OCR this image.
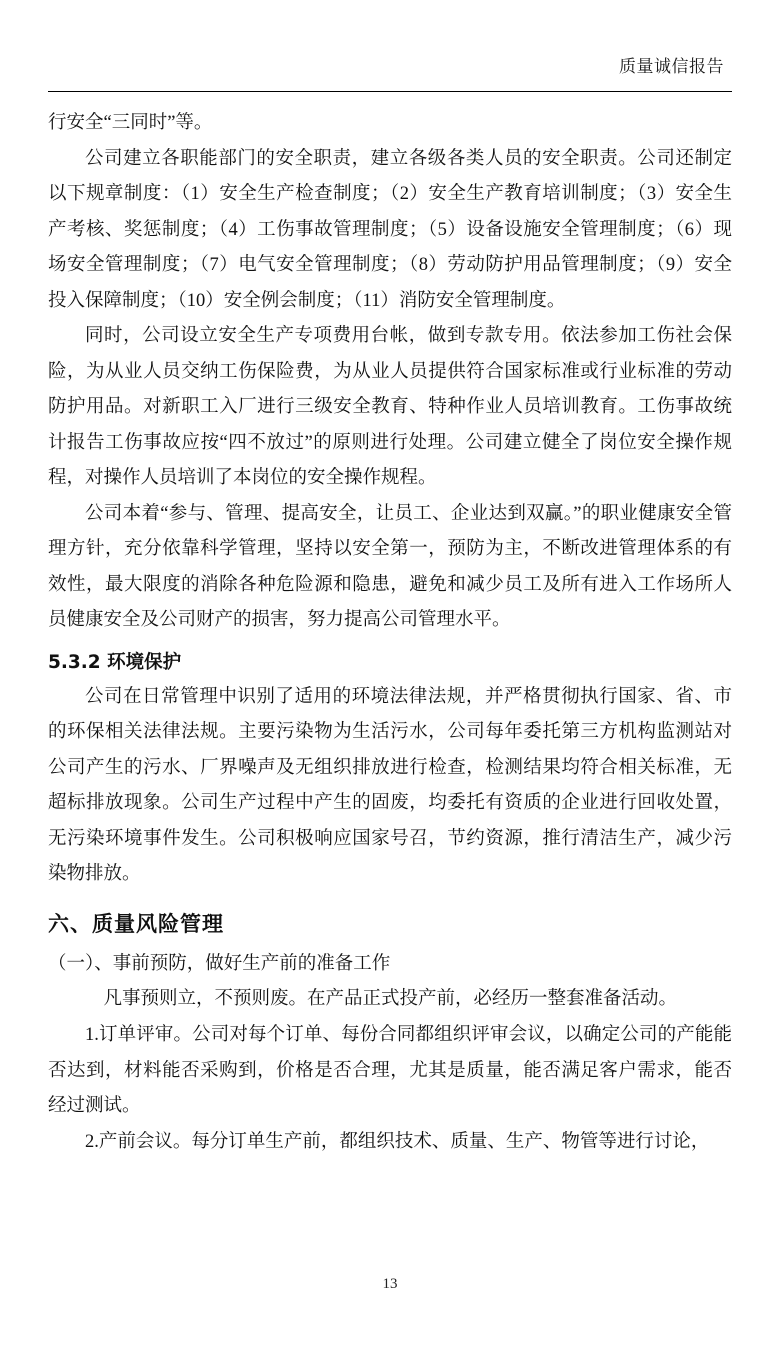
质量诚信报告

行安全“三同时”等。

公司建立各职能部门的安全职责，建立各级各类人员的安全职责。公司还制定以下规章制度：（1）安全生产检查制度；（2）安全生产教育培训制度；（3）安全生产考核、奖惩制度；（4）工伤事故管理制度；（5）设备设施安全管理制度；（6）现场安全管理制度；（7）电气安全管理制度；（8）劳动防护用品管理制度；（9）安全投入保障制度；（10）安全例会制度；（11）消防安全管理制度。

同时，公司设立安全生产专项费用台帐，做到专款专用。依法参加工伤社会保险，为从业人员交纳工伤保险费，为从业人员提供符合国家标准或行业标准的劳动防护用品。对新职工入厂进行三级安全教育、特种作业人员培训教育。工伤事故统计报告工伤事故应按“四不放过”的原则进行处理。公司建立健全了岗位安全操作规程，对操作人员培训了本岗位的安全操作规程。

公司本着“参与、管理、提高安全，让员工、企业达到双赢。”的职业健康安全管理方针，充分依靠科学管理，坚持以安全第一，预防为主，不断改进管理体系的有效性，最大限度的消除各种危险源和隐患，避免和减少员工及所有进入工作场所人员健康安全及公司财产的损害，努力提高公司管理水平。

5.3.2 环境保护

公司在日常管理中识别了适用的环境法律法规，并严格贯彻执行国家、省、市的环保相关法律法规。主要污染物为生活污水，公司每年委托第三方机构监测站对公司产生的污水、厂界噪声及无组织排放进行检查，检测结果均符合相关标准，无超标排放现象。公司生产过程中产生的固废，均委托有资质的企业进行回收处置，无污染环境事件发生。公司积极响应国家号召，节约资源，推行清洁生产，减少污染物排放。

六、质量风险管理

（一）、事前预防，做好生产前的准备工作

凡事预则立，不预则废。在产品正式投产前，必经历一整套准备活动。

1.订单评审。公司对每个订单、每份合同都组织评审会议，以确定公司的产能能否达到，材料能否采购到，价格是否合理，尤其是质量，能否满足客户需求，能否经过测试。

2.产前会议。每分订单生产前，都组织技术、质量、生产、物管等进行讨论，

13
